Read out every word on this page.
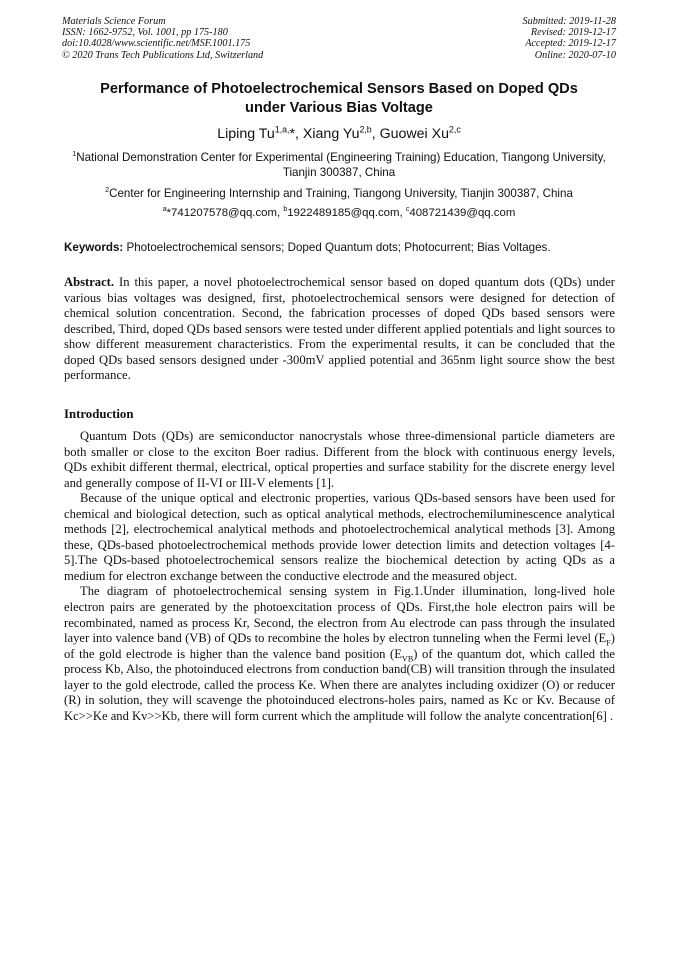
Materials Science Forum
ISSN: 1662-9752, Vol. 1001, pp 175-180
doi:10.4028/www.scientific.net/MSF.1001.175
© 2020 Trans Tech Publications Ltd, Switzerland
Submitted: 2019-11-28
Revised: 2019-12-17
Accepted: 2019-12-17
Online: 2020-07-10
Performance of Photoelectrochemical Sensors Based on Doped QDs
under Various Bias Voltage
Liping $Tu^{1,a,}*$, Xiang Yu$^{2,b}$, Guowei Xu$^{2,c}$
$^1$National Demonstration Center for Experimental (Engineering Training) Education, Tiangong University, Tianjin 300387, China
$^2$Center for Engineering Internship and Training, Tiangong University, Tianjin 300387, China
$^a$*741207578@qq.com, $^b$1922489185@qq.com, $^c$408721439@qq.com
Keywords: Photoelectrochemical sensors; Doped Quantum dots; Photocurrent; Bias Voltages.
Abstract. In this paper, a novel photoelectrochemical sensor based on doped quantum dots (QDs) under various bias voltages was designed, first, photoelectrochemical sensors were designed for detection of chemical solution concentration. Second, the fabrication processes of doped QDs based sensors were described, Third, doped QDs based sensors were tested under different applied potentials and light sources to show different measurement characteristics. From the experimental results, it can be concluded that the doped QDs based sensors designed under -300mV applied potential and 365nm light source show the best performance.
Introduction

Quantum Dots (QDs) are semiconductor nanocrystals whose three-dimensional particle diameters are both smaller or close to the exciton Boer radius. Different from the block with continuous energy levels, QDs exhibit different thermal, electrical, optical properties and surface stability for the discrete energy level and generally compose of II-VI or III-V elements [1].

Because of the unique optical and electronic properties, various QDs-based sensors have been used for chemical and biological detection, such as optical analytical methods, electrochemiluminescence analytical methods [2], electrochemical analytical methods and photoelectrochemical analytical methods [3]. Among these, QDs-based photoelectrochemical methods provide lower detection limits and detection voltages [4-5].The QDs-based photoelectrochemical sensors realize the biochemical detection by acting QDs as a medium for electron exchange between the conductive electrode and the measured object.

The diagram of photoelectrochemical sensing system in Fig.1.Under illumination, long-lived hole electron pairs are generated by the photoexcitation process of QDs. First,the hole electron pairs will be recombinated, named as process Kr, Second, the electron from Au electrode can pass through the insulated layer into valence band (VB) of QDs to recombine the holes by electron tunneling when the Fermi level $(E_F)$ of the gold electrode is higher than the valence band position $(E_{VB})$ of the quantum dot, which called the process Kb, Also, the photoinduced electrons from conduction band(CB) will transition through the insulated layer to the gold electrode, called the process Ke. When there are analytes including oxidizer (O) or reducer (R) in solution, they will scavenge the photoinduced electrons-holes pairs, named as Kc or Kv. Because of Kc>>Ke and Kv>>Kb, there will form current which the amplitude will follow the analyte concentration[6] .
